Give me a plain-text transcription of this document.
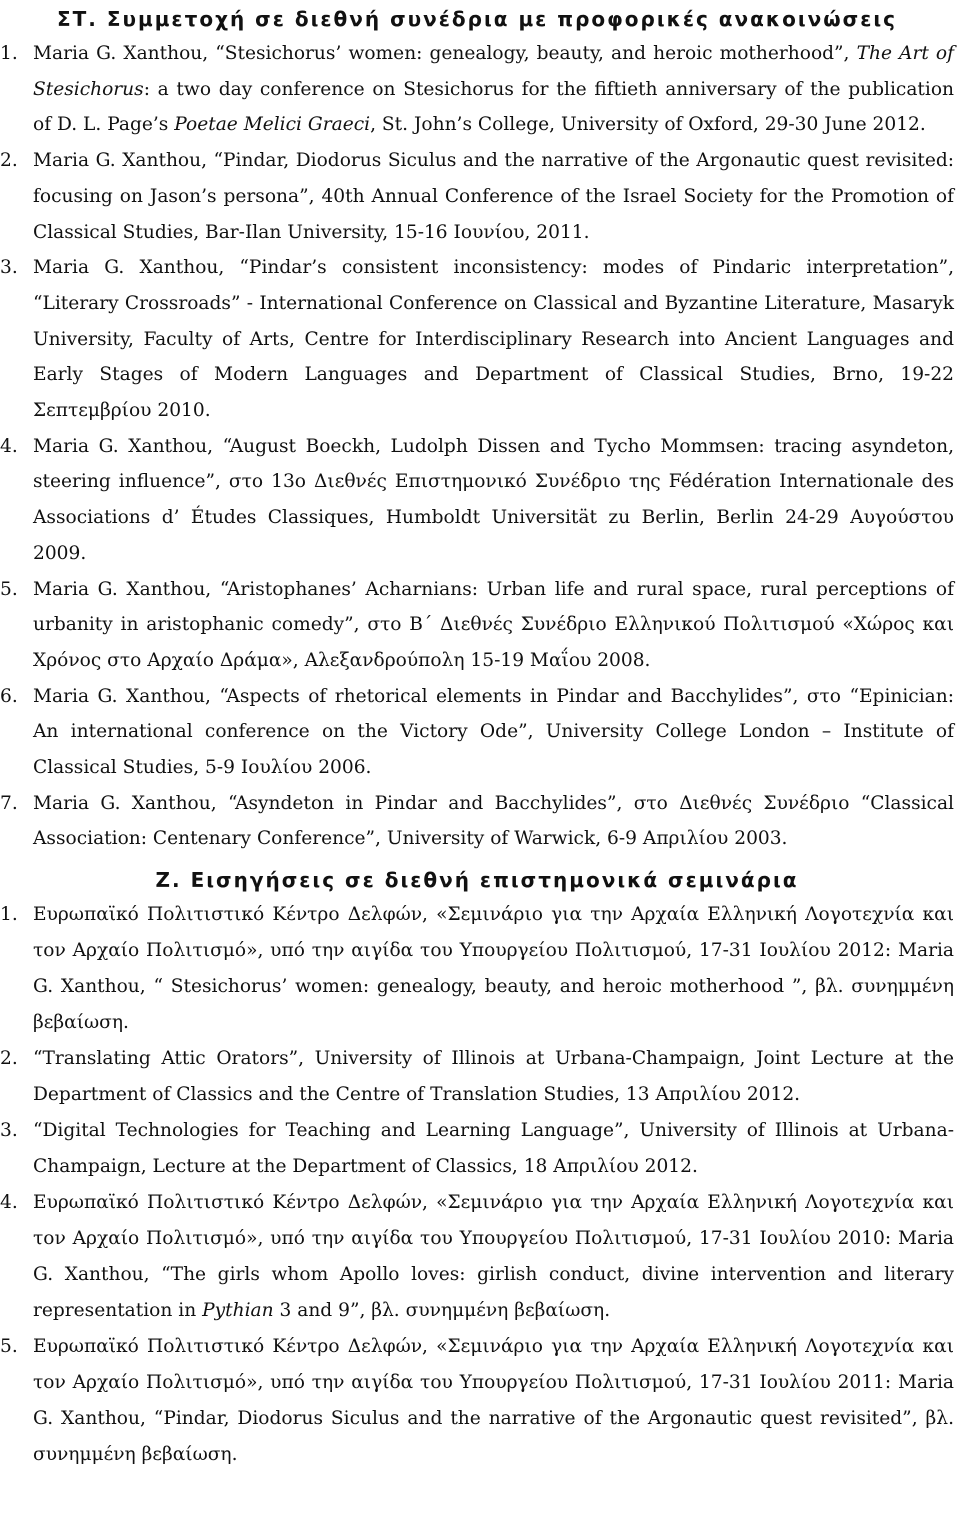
ΣΤ. Συμμετοχή σε διεθνή συνέδρια με προφορικές ανακοινώσεις
1. Maria G. Xanthou, “Stesichorus’ women: genealogy, beauty, and heroic motherhood”, The Art of Stesichorus: a two day conference on Stesichorus for the fiftieth anniversary of the publication of D. L. Page’s Poetae Melici Graeci, St. John’s College, University of Oxford, 29-30 June 2012.
2. Maria G. Xanthou, “Pindar, Diodorus Siculus and the narrative of the Argonautic quest revisited: focusing on Jason’s persona”, 40th Annual Conference of the Israel Society for the Promotion of Classical Studies, Bar-Ilan University, 15-16 Ιουνίου, 2011.
3. Maria G. Xanthou, “Pindar’s consistent inconsistency: modes of Pindaric interpretation”, “Literary Crossroads” - International Conference on Classical and Byzantine Literature, Masaryk University, Faculty of Arts, Centre for Interdisciplinary Research into Ancient Languages and Early Stages of Modern Languages and Department of Classical Studies, Brno, 19-22 Σεπτεμβρίου 2010.
4. Maria G. Xanthou, “August Boeckh, Ludolph Dissen and Tycho Mommsen: tracing asyndeton, steering influence”, στο 13ο Διεθνές Επιστημονικό Συνέδριο της Fédération Internationale des Associations d’ Études Classiques, Humboldt Universität zu Berlin, Berlin 24-29 Αυγούστου 2009.
5. Maria G. Xanthou, “Aristophanes’ Acharnians: Urban life and rural space, rural perceptions of urbanity in aristophanic comedy”, στο Β΄ Διεθνές Συνέδριο Ελληνικού Πολιτισμού «Χώρος και Χρόνος στο Αρχαίο Δράμα», Αλεξανδρούπολη 15-19 Μαΐου 2008.
6. Maria G. Xanthou, “Aspects of rhetorical elements in Pindar and Bacchylides”, στο “Epinician: An international conference on the Victory Ode”, University College London – Institute of Classical Studies, 5-9 Ιουλίου 2006.
7. Maria G. Xanthou, “Asyndeton in Pindar and Bacchylides”, στο Διεθνές Συνέδριο “Classical Association: Centenary Conference”, University of Warwick, 6-9 Απριλίου 2003.
Ζ. Εισηγήσεις σε διεθνή επιστημονικά σεμινάρια
1. Ευρωπαϊκό Πολιτιστικό Κέντρο Δελφών, «Σεμινάριο για την Αρχαία Ελληνική Λογοτεχνία και τον Αρχαίο Πολιτισμό», υπό την αιγίδα του Υπουργείου Πολιτισμού, 17-31 Ιουλίου 2012: Maria G. Xanthou, “ Stesichorus’ women: genealogy, beauty, and heroic motherhood ”, βλ. συνημμένη βεβαίωση.
2. “Translating Attic Orators”, University of Illinois at Urbana-Champaign, Joint Lecture at the Department of Classics and the Centre of Translation Studies, 13 Απριλίου 2012.
3. “Digital Technologies for Teaching and Learning Language”, University of Illinois at Urbana-Champaign, Lecture at the Department of Classics, 18 Απριλίου 2012.
4. Ευρωπαϊκό Πολιτιστικό Κέντρο Δελφών, «Σεμινάριο για την Αρχαία Ελληνική Λογοτεχνία και τον Αρχαίο Πολιτισμό», υπό την αιγίδα του Υπουργείου Πολιτισμού, 17-31 Ιουλίου 2010: Maria G. Xanthou, “The girls whom Apollo loves: girlish conduct, divine intervention and literary representation in Pythian 3 and 9”, βλ. συνημμένη βεβαίωση.
5. Ευρωπαϊκό Πολιτιστικό Κέντρο Δελφών, «Σεμινάριο για την Αρχαία Ελληνική Λογοτεχνία και τον Αρχαίο Πολιτισμό», υπό την αιγίδα του Υπουργείου Πολιτισμού, 17-31 Ιουλίου 2011: Maria G. Xanthou, “Pindar, Diodorus Siculus and the narrative of the Argonautic quest revisited”, βλ. συνημμένη βεβαίωση.
